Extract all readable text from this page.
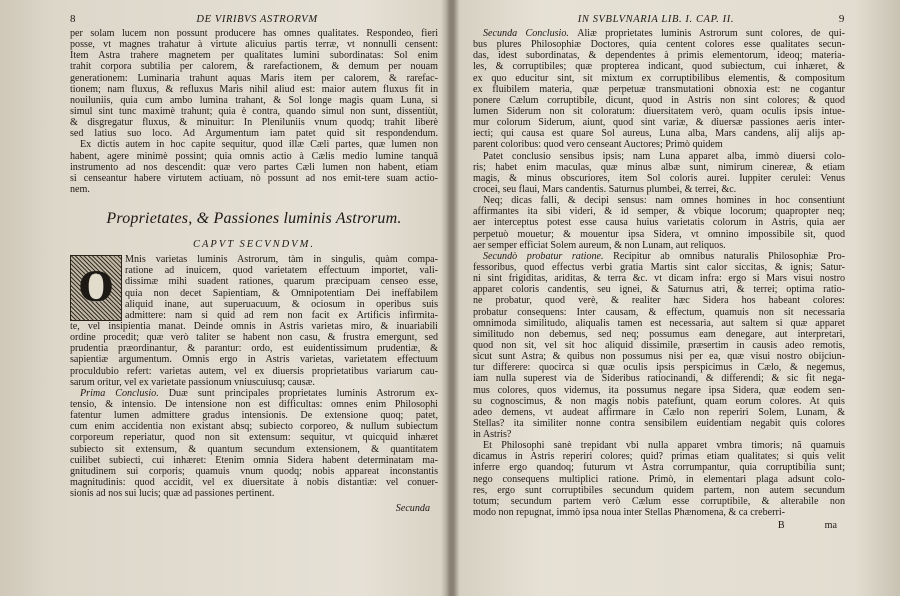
8	DE VIRIBVS ASTRORVM
per solam lucem non possunt producere has omnes qualitates. Respondeo, fieri
posse, vt magnes trahatur à virtute alicuius partis terræ, vt nonnulli censent:
Item Astra trahere magnetem per qualitates lumini subordinatas: Sol enim
trahit corpora subtilia per calorem, & rarefactionem, & demum per nouam
generationem: Luminaria trahunt aquas Maris item per calorem, & rarefac-
tionem; nam fluxus, & refluxus Maris nihil aliud est: maior autem fluxus fit in
nouiluniis, quia cum ambo lumina trahant, & Sol longe magis quam Luna, si
simul sint tunc maximè trahunt; quia è contra, quando simul non sunt, dissentiùt,
& disgregatur fluxus, & minuitur: In Pleniluniis vnum quodq; trahit liberè
sed latius suo loco. Ad Argumentum iam patet quid sit respondendum.
Ex dictis autem in hoc capite sequitur, quod illæ Cæli partes, quæ lumen non
habent, agere minimè possint; quia omnis actio à Cælis medio lumine tanquã
instrumento ad nos descendit: quæ vero partes Cæli lumen non habent, etiam
si censeantur habere virtutem actiuam, nò possunt ad nos emit-tere suam actio-
nem.
Proprietates, & Passiones luminis Astrorum.
CAPVT SECVNDVM.
O
Mnis varietas luminis Astrorum, tàm in singulis, quàm compa-
ratione ad inuicem, quod varietatem effectuum importet, vali-
dissimæ mihi suadent rationes, quarum præcipuam censeo esse,
quia non decet Sapientiam, & Omnipotentiam Dei ineffabilem
aliquid inane, aut superuacuum, & ociosum in operibus suis
admittere: nam si quid ad rem non facit ex Artificis infirmita-
te, vel insipientia manat. Deinde omnis in Astris varietas miro, & inuariabili
ordine procedit; quæ verò taliter se habent non casu, & frustra emergunt, sed
prudentia præordinantur, & parantur: ordo, est euidentissimum prudentiæ, &
sapientiæ argumentum. Omnis ergo in Astris varietas, varietatem effectuum
proculdubio refert: varietas autem, vel ex diuersis proprietatibus variarum cau-
sarum oritur, vel ex varietate passionum vniuscuiusq; causæ.
Prima Conclusio. Duæ sunt principales proprietates luminis Astrorum ex-
tensio, & intensio. De intensione non est difficultas: omnes enim Philosophi
fatentur lumen admittere gradus intensionis. De extensione quoq; patet,
cum enim accidentia non existant absq; subiecto corporeo, & nullum subiectum
corporeum reperiatur, quod non sit extensum: sequitur, vt quicquid inhæret
subiecto sit extensum, & quantum secundum extensionem, & quantitatem
cuilibet subiecti, cui inhæret: Etenim omnia Sidera habent determinatam ma-
gnitudinem sui corporis; quamuis vnum quodq; nobis appareat inconstantis
magnitudinis: quod accidit, vel ex diuersitate à nobis distantiæ: vel conuer-
sionis ad nos sui lucis; quæ ad passiones pertinent.
Secunda
IN SVBLVNARIA LIB. I. CAP. II.	9
Secunda Conclusio. Aliæ proprietates luminis Astrorum sunt colores, de qui-
bus plures Philosophiæ Doctores, quia centent colores esse qualitates secun-
das, idest subordinatas, & dependentes à primis elementorum, ideoq; materia-
les, & corruptibiles; quæ propterea indicant, quod subiectum, cui inhæret, &
ex quo educitur sint, sit mixtum ex corruptibilibus elementis, & compositum
ex fluibilem materia, quæ perpetuæ transmutationi obnoxia est: ne cogantur
ponere Cælum corruptibile, dicunt, quod in Astris non sint colores; & quod
lumen Siderum non sit coloratum: diuersitatem verò, quam oculis ipsis intue-
mur colorum Siderum, aiunt, quod sint variæ, & diuersæ passiones aeris inter-
iecti; qui causa est quare Sol aureus, Luna alba, Mars candens, alij alijs ap-
parent coloribus: quod vero censeant Auctores; Primò quidem
Patet conclusio sensibus ipsis; nam Luna apparet alba, immò diuersi colo-
ris; habet enim maculas, quæ minus albæ sunt, nimirum cinereæ, & etiam
magis, & minus obscuriores, item Sol coloris aurei. Iuppiter cerulei: Venus
crocei, seu flaui, Mars candentis. Saturnus plumbei, & terrei, &c.
Neq; dicas falli, & decipi sensus: nam omnes homines in hoc consentiunt
affirmantes ita sibi videri, & id semper, & vbique locorum; quapropter neq;
aer interceptus potest esse causa huius varietatis colorum in Astris, quia aer
perpetuò mouetur; & mouentur ipsa Sidera, vt omnino impossibile sit, quod
aer semper efficiat Solem aureum, & non Lunam, aut reliquos.
Secundò probatur ratione. Recipitur ab omnibus naturalis Philosophiæ Pro-
fessoribus, quod effectus verbi gratia Martis sint calor siccitas, & ignis; Satur-
ni sint frigiditas, ariditas, & terra &c. vt dicam infra: ergo si Mars visui nostro
apparet coloris candentis, seu ignei, & Saturnus atri, & terrei; optima ratio-
ne probatur, quod verè, & realiter hæc Sidera hos habeant colores:
probatur consequens: Inter causam, & effectum, quamuis non sit necessaria
omnimoda similitudo, aliqualis tamen est necessaria, aut saltem si quæ apparet
similitudo non debemus, sed neq; possumus eam denegare, aut interpretari,
quod non sit, vel sit hoc aliquid dissimile, præsertim in causis adeo remotis,
sicut sunt Astra; & quibus non possumus nisi per ea, quæ visui nostro obijciun-
tur differere: quocirca si quæ oculis ipsis perspicimus in Cælo, & negemus,
iam nulla superest via de Sideribus ratiocinandi, & differendi; & sic fit nega-
mus colores, quos videmus, ita possumus negare ipsa Sidera, quæ eodem sen-
su cognoscimus, & non magis nobis patefiunt, quam eorum colores. At quis
adeo demens, vt audeat affirmare in Cælo non reperiri Solem, Lunam, &
Stellas? ita similiter nonne contra sensibilem euidentiam negabit quis colores
in Astris?
Et Philosophi sanè trepidant vbi nulla apparet vmbra timoris; nã quamuis
dicamus in Astris reperiri colores; quid? primas etiam qualitates; si quis velit
inferre ergo quandoq; futurum vt Astra corrumpantur, quia corruptibilia sunt;
nego consequens multiplici ratione. Primò, in elementari plaga adsunt colo-
res, ergo sunt corruptibiles secundum quidem partem, non autem secundum
totum; secundum partem verò Cælum esse corruptibile, & alterabile non
modo non repugnat, immò ipsa noua inter Stellas Phænomena, & ca creberri-
B	ma
